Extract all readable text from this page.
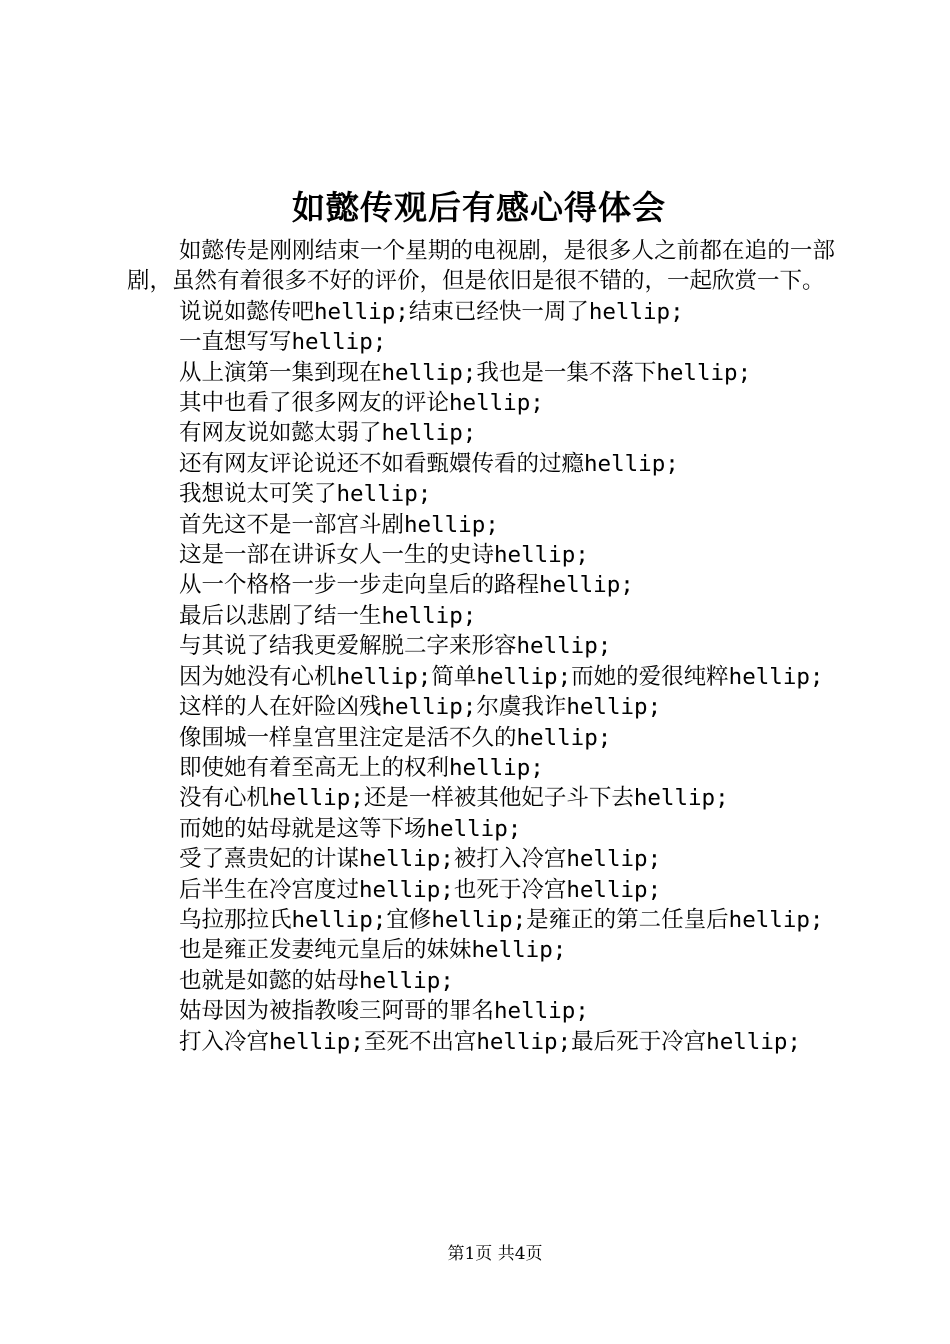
如懿传观后有感心得体会

如懿传是刚刚结束一个星期的电视剧，是很多人之前都在追的一部剧，虽然有着很多不好的评价，但是依旧是很不错的，一起欣赏一下。

说说如懿传吧hellip;结束已经快一周了hellip;

一直想写写hellip;

从上演第一集到现在hellip;我也是一集不落下hellip;

其中也看了很多网友的评论hellip;

有网友说如懿太弱了hellip;

还有网友评论说还不如看甄嬛传看的过瘾hellip;

我想说太可笑了hellip;

首先这不是一部宫斗剧hellip;

这是一部在讲诉女人一生的史诗hellip;

从一个格格一步一步走向皇后的路程hellip;

最后以悲剧了结一生hellip;

与其说了结我更爱解脱二字来形容hellip;

因为她没有心机hellip;简单hellip;而她的爱很纯粹hellip;

这样的人在奸险凶残hellip;尔虞我诈hellip;

像围城一样皇宫里注定是活不久的hellip;

即使她有着至高无上的权利hellip;

没有心机hellip;还是一样被其他妃子斗下去hellip;

而她的姑母就是这等下场hellip;

受了熹贵妃的计谋hellip;被打入冷宫hellip;

后半生在冷宫度过hellip;也死于冷宫hellip;

乌拉那拉氏hellip;宜修hellip;是雍正的第二任皇后hellip;

也是雍正发妻纯元皇后的妹妹hellip;

也就是如懿的姑母hellip;

姑母因为被指教唆三阿哥的罪名hellip;

打入冷宫hellip;至死不出宫hellip;最后死于冷宫hellip;

第1页 共4页
